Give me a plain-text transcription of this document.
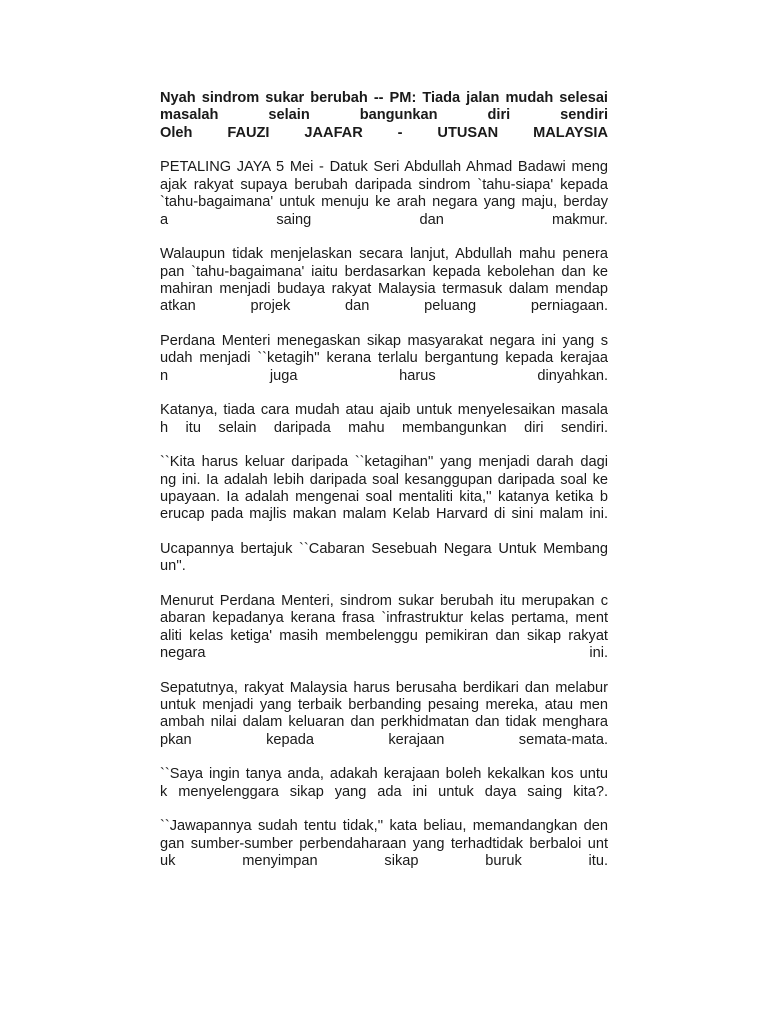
Nyah sindrom sukar berubah -- PM: Tiada jalan mudah selesai
masalah selain bangunkan diri sendiri
Oleh FAUZI JAAFAR - UTUSAN MALAYSIA
PETALING JAYA 5 Mei - Datuk Seri Abdullah Ahmad Badawi meng
ajak rakyat supaya berubah daripada sindrom `tahu-siapa' kepada
`tahu-bagaimana' untuk menuju ke arah negara yang maju, berday
a saing dan makmur.
Walaupun tidak menjelaskan secara lanjut, Abdullah mahu penera
pan `tahu-bagaimana' iaitu berdasarkan kepada kebolehan dan ke
mahiran menjadi budaya rakyat Malaysia termasuk dalam mendap
atkan projek dan peluang perniagaan.
Perdana Menteri menegaskan sikap masyarakat negara ini yang s
udah menjadi ``ketagih'' kerana terlalu bergantung kepada kerajaa
n juga harus dinyahkan.
Katanya, tiada cara mudah atau ajaib untuk menyelesaikan masala
h itu selain daripada mahu membangunkan diri sendiri.
``Kita harus keluar daripada ``ketagihan'' yang menjadi darah dagi
ng ini. Ia adalah lebih daripada soal kesanggupan daripada soal ke
upayaan. Ia adalah mengenai soal mentaliti kita,'' katanya ketika b
erucap pada majlis makan malam Kelab Harvard di sini malam ini.
Ucapannya bertajuk ``Cabaran Sesebuah Negara Untuk Membang
un''.
Menurut Perdana Menteri, sindrom sukar berubah itu merupakan c
abaran kepadanya kerana frasa `infrastruktur kelas pertama, ment
aliti kelas ketiga' masih membelenggu pemikiran dan sikap rakyat
negara ini.
Sepatutnya, rakyat Malaysia harus berusaha berdikari dan melabur
untuk menjadi yang terbaik berbanding pesaing mereka, atau men
ambah nilai dalam keluaran dan perkhidmatan dan tidak menghara
pkan kepada kerajaan semata-mata.
``Saya ingin tanya anda, adakah kerajaan boleh kekalkan kos untu
k menyelenggara sikap yang ada ini untuk daya saing kita?.
``Jawapannya sudah tentu tidak,'' kata beliau, memandangkan den
gan sumber-sumber perbendaharaan yang terhadtidak berbaloi unt
uk menyimpan sikap buruk itu.
